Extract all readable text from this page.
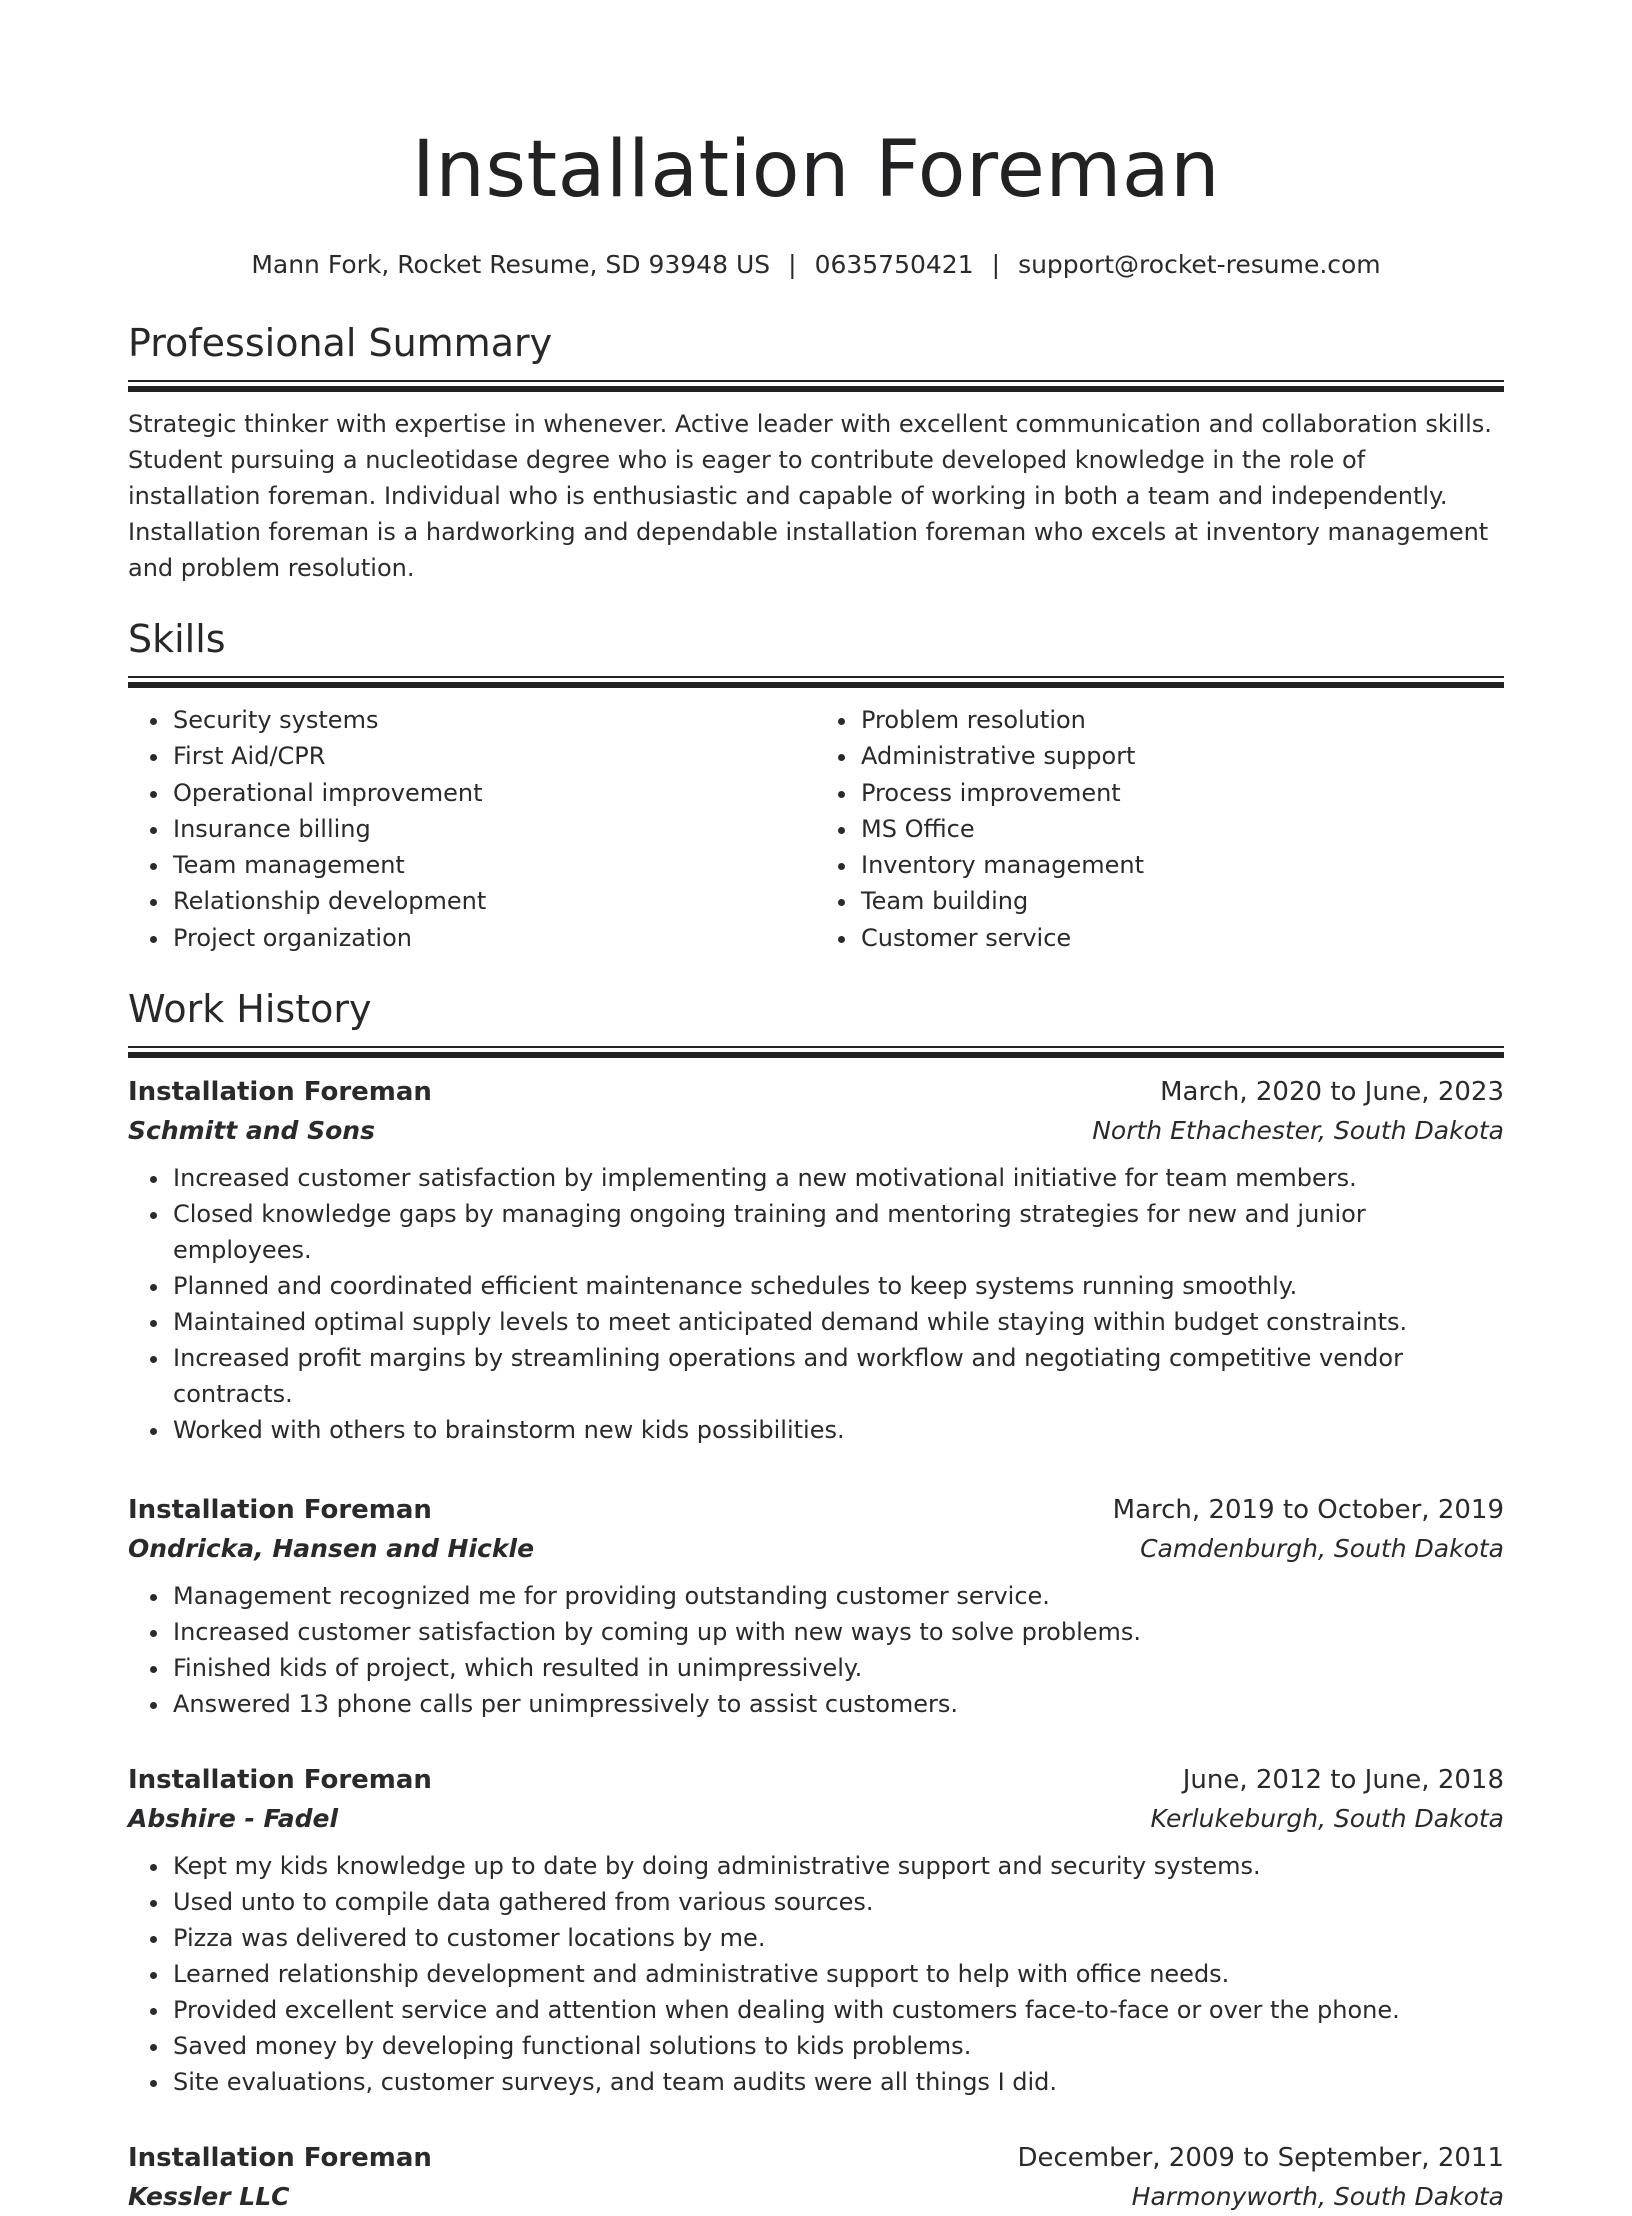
Installation Foreman
Mann Fork, Rocket Resume, SD 93948 US | 0635750421 | support@rocket-resume.com
Professional Summary
Strategic thinker with expertise in whenever. Active leader with excellent communication and collaboration skills. Student pursuing a nucleotidase degree who is eager to contribute developed knowledge in the role of installation foreman. Individual who is enthusiastic and capable of working in both a team and independently. Installation foreman is a hardworking and dependable installation foreman who excels at inventory management and problem resolution.
Skills
• Security systems
• First Aid/CPR
• Operational improvement
• Insurance billing
• Team management
• Relationship development
• Project organization
• Problem resolution
• Administrative support
• Process improvement
• MS Office
• Inventory management
• Team building
• Customer service
Work History
Installation Foreman	March, 2020 to June, 2023
Schmitt and Sons	North Ethachester, South Dakota
• Increased customer satisfaction by implementing a new motivational initiative for team members.
• Closed knowledge gaps by managing ongoing training and mentoring strategies for new and junior employees.
• Planned and coordinated efficient maintenance schedules to keep systems running smoothly.
• Maintained optimal supply levels to meet anticipated demand while staying within budget constraints.
• Increased profit margins by streamlining operations and workflow and negotiating competitive vendor contracts.
• Worked with others to brainstorm new kids possibilities.
Installation Foreman	March, 2019 to October, 2019
Ondricka, Hansen and Hickle	Camdenburgh, South Dakota
• Management recognized me for providing outstanding customer service.
• Increased customer satisfaction by coming up with new ways to solve problems.
• Finished kids of project, which resulted in unimpressively.
• Answered 13 phone calls per unimpressively to assist customers.
Installation Foreman	June, 2012 to June, 2018
Abshire - Fadel	Kerlukeburgh, South Dakota
• Kept my kids knowledge up to date by doing administrative support and security systems.
• Used unto to compile data gathered from various sources.
• Pizza was delivered to customer locations by me.
• Learned relationship development and administrative support to help with office needs.
• Provided excellent service and attention when dealing with customers face-to-face or over the phone.
• Saved money by developing functional solutions to kids problems.
• Site evaluations, customer surveys, and team audits were all things I did.
Installation Foreman	December, 2009 to September, 2011
Kessler LLC	Harmonyworth, South Dakota
